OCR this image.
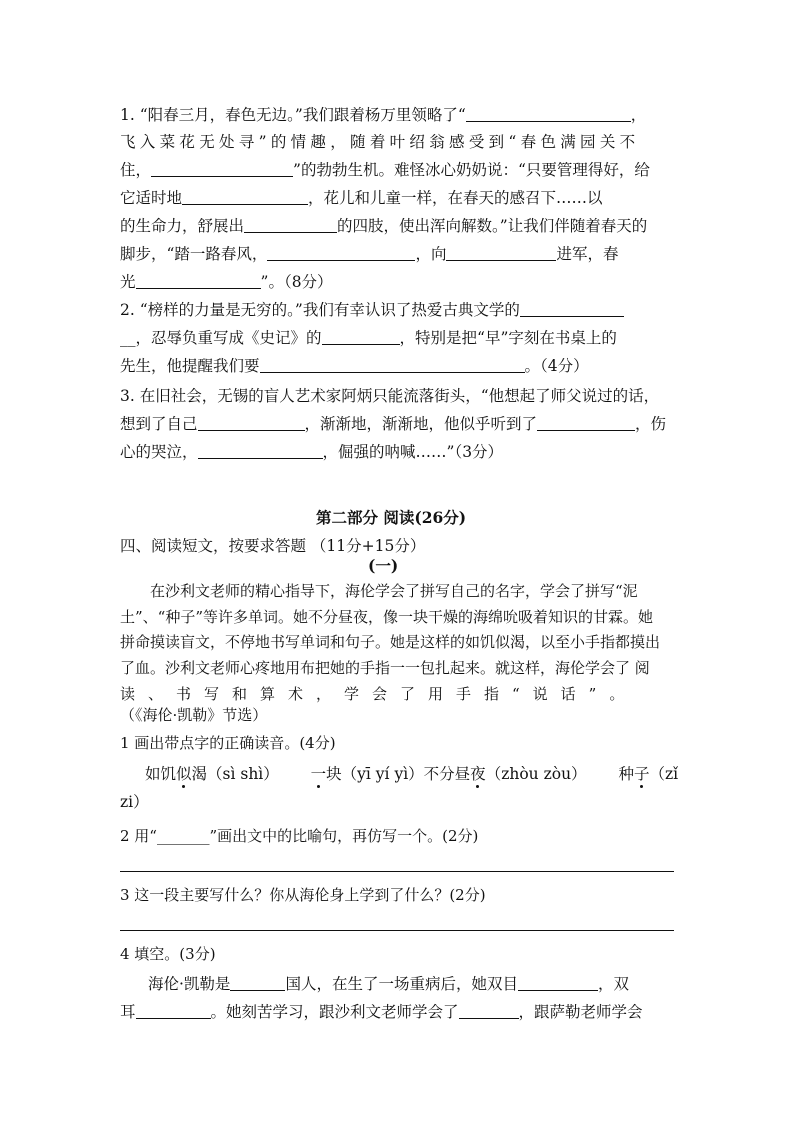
1. “阳春三月，春色无边。”我们跟着杨万里领略了“	，
飞入菜花无处寻”的情趣，随着叶绍翁感受到“春色满园关不
住，	”的勃勃生机。难怪冰心奶奶说：“只要管理得好，给
它适时地	，花儿和儿童一样，在春天的感召下……以
的生命力，舒展出	的四肢，使出浑向解数。”让我们伴随着春天的
脚步，“踏一路春风，	，向	进军，春
光	”。（8分）
2. “榜样的力量是无穷的。”我们有幸认识了热爱古典文学的
__，忍辱负重写成《史记》的	，特别是把“早”字刻在书桌上的
先生，他提醒我们要	。（4分）
3. 在旧社会，无锡的盲人艺术家阿炳只能流落街头，“他想起了师父说过的话，
想到了自己	，渐渐地，渐渐地，他似乎听到了	，伤
心的哭泣，	，倔强的呐喊……”（3分）
第二部分 阅读(26分)
四、阅读短文，按要求答题 （11分+15分）
(一)
在沙利文老师的精心指导下，海伦学会了拼写自己的名字，学会了拼写“泥
土”、“种子”等许多单词。她不分昼夜，像一块干燥的海绵吮吸着知识的甘霖。她
拼命摸读盲文，不停地书写单词和句子。她是这样的如饥似渴，以至小手指都摸出
了血。沙利文老师心疼地用布把她的手指一一包扎起来。就这样，海伦学会了 阅
读、书写和算术，学会了用手指“说话”。
（《海伦·凯勒》节选）
1 画出带点字的正确读音。(4分)
如饥似渴（sì shì） 一块（yī yí yì）不分昼夜（zhòu zòu） 种子（zǐ
zi）
2 用“_______”画出文中的比喻句，再仿写一个。(2分)
3 这一段主要写什么？你从海伦身上学到了什么？(2分)
4 填空。(3分)
海伦·凯勒是	国人，在生了一场重病后，她双目	，双
耳	。她刻苦学习，跟沙利文老师学会了	，跟萨勒老师学会
